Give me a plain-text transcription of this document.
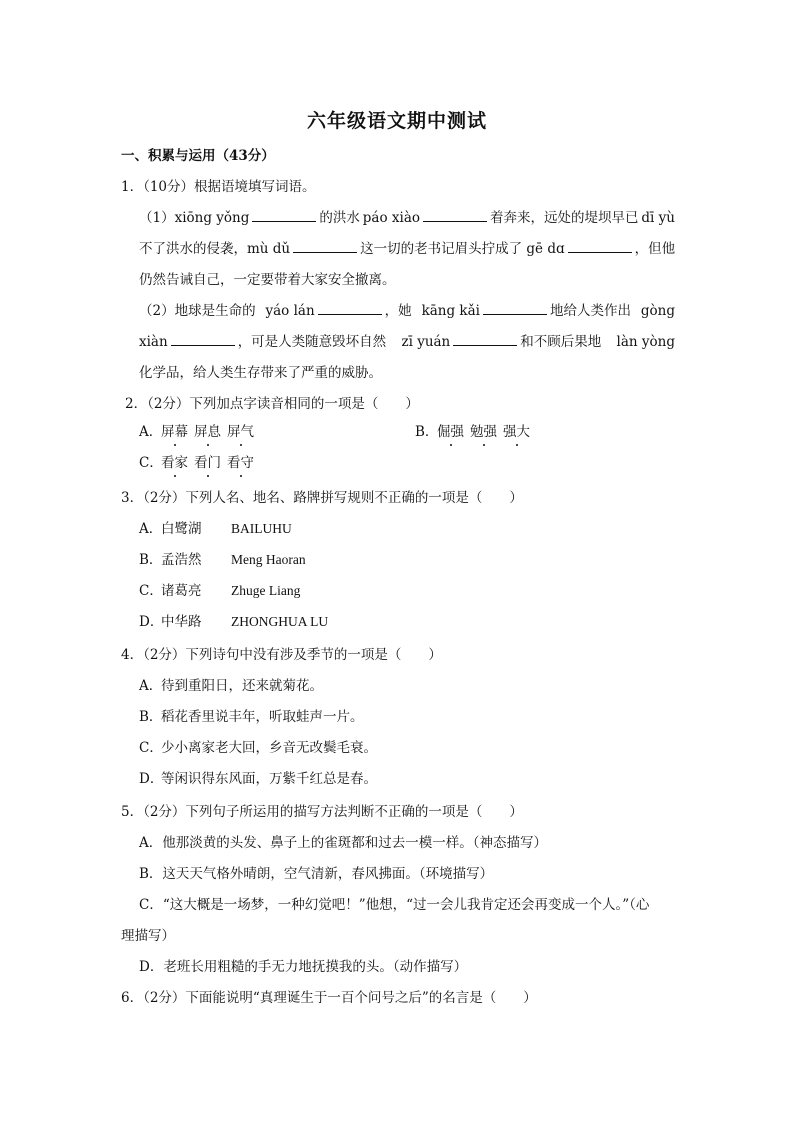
六年级语文期中测试
一、积累与运用（43分）
1．（10分）根据语境填写词语。
（1）xiōng yǒng	的洪水 páo xiào	着奔来，远处的堤坝早已 dī yù
不了洪水的侵袭，mù dǔ	这一切的老书记眉头拧成了 gē dɑ	，但他
仍然告诫自己，一定要带着大家安全撤离。
（2）地球是生命的 yáo lán	，她 kāng kǎi	地给人类作出 gòng
xiàn	，可是人类随意毁坏自然 zī yuán	和不顾后果地 làn yòng
化学品，给人类生存带来了严重的威胁。
2．（2分）下列加点字读音相同的一项是（　　）
A．屏幕 屏息 屏气	B．倔强 勉强 强大
C．看家 看门 看守
3．（2分）下列人名、地名、路牌拼写规则不正确的一项是（　　）
A．白鹭湖 BAILUHU
B．孟浩然 Meng Haoran
C．诸葛亮 Zhuge Liang
D．中华路 ZHONGHUA LU
4．（2分）下列诗句中没有涉及季节的一项是（　　）
A．待到重阳日，还来就菊花。
B．稻花香里说丰年，听取蛙声一片。
C．少小离家老大回，乡音无改鬓毛衰。
D．等闲识得东风面，万紫千红总是春。
5．（2分）下列句子所运用的描写方法判断不正确的一项是（　　）
A．他那淡黄的头发、鼻子上的雀斑都和过去一模一样。（神态描写）
B．这天天气格外晴朗，空气清新，春风拂面。（环境描写）
C．“这大概是一场梦，一种幻觉吧！”他想，“过一会儿我肯定还会再变成一个人。”（心
理描写）
D．老班长用粗糙的手无力地抚摸我的头。（动作描写）
6．（2分）下面能说明“真理诞生于一百个问号之后”的名言是（　　）
